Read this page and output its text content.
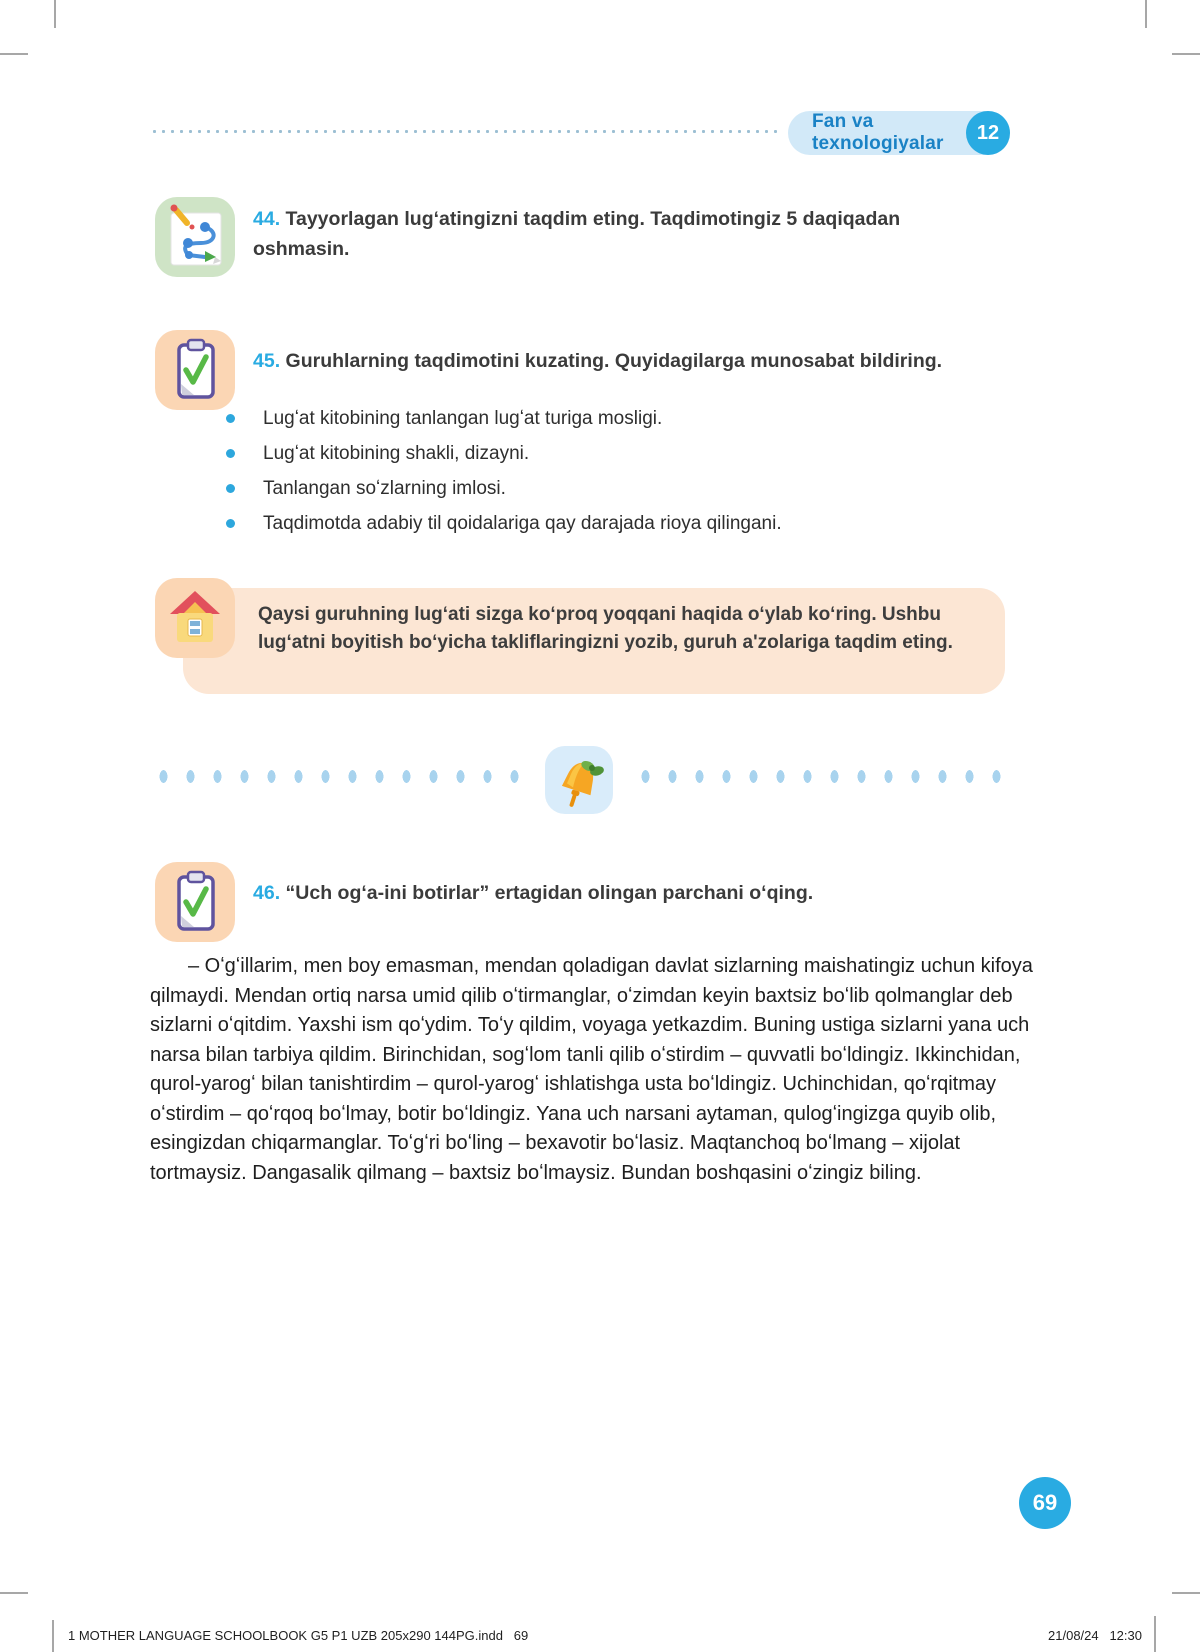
Fan va texnologiyalar	12
44. Tayyorlagan lugʻatingizni taqdim eting. Taqdimotingiz 5 daqiqadan oshmasin.
45. Guruhlarning taqdimotini kuzating. Quyidagilarga munosabat bildiring.
Lugʻat kitobining tanlangan lugʻat turiga mosligi.
Lugʻat kitobining shakli, dizayni.
Tanlangan soʻzlarning imlosi.
Taqdimotda adabiy til qoidalariga qay darajada rioya qilingani.
Qaysi guruhning lugʻati sizga koʻproq yoqqani haqida oʻylab koʻring. Ushbu lugʻatni boyitish boʻyicha takliflaringizni yozib, guruh a'zolariga taqdim eting.
46. “Uch ogʻa-ini botirlar” ertagidan olingan parchani oʻqing.
– Oʻgʻillarim, men boy emasman, mendan qoladigan davlat sizlarning maishatingiz uchun kifoya qilmaydi. Mendan ortiq narsa umid qilib oʻtirmanglar, oʻzimdan keyin baxtsiz boʻlib qolmanglar deb sizlarni oʻqitdim. Yaxshi ism qoʻydim. Toʻy qildim, voyaga yetkazdim. Buning ustiga sizlarni yana uch narsa bilan tarbiya qildim. Birinchidan, sogʻlom tanli qilib oʻstirdim – quvvatli boʻldingiz. Ikkinchidan, qurol-yarogʻ bilan tanishtirdim – qurol-yarogʻ ishlatishga usta boʻldingiz. Uchinchidan, qoʻrqitmay oʻstirdim – qoʻrqoq boʻlmay, botir boʻldingiz. Yana uch narsani aytaman, qulogʻingizga quyib olib, esingizdan chiqarmanglar. Toʻgʻri boʻling – bexavotir boʻlasiz. Maqtanchoq boʻlmang – xijolat tortmaysiz. Dangasalik qilmang – baxtsiz boʻlmaysiz. Bundan boshqasini oʻzingiz biling.
69
1 MOTHER LANGUAGE SCHOOLBOOK G5 P1 UZB 205x290 144PG.indd   69	21/08/24   12:30
